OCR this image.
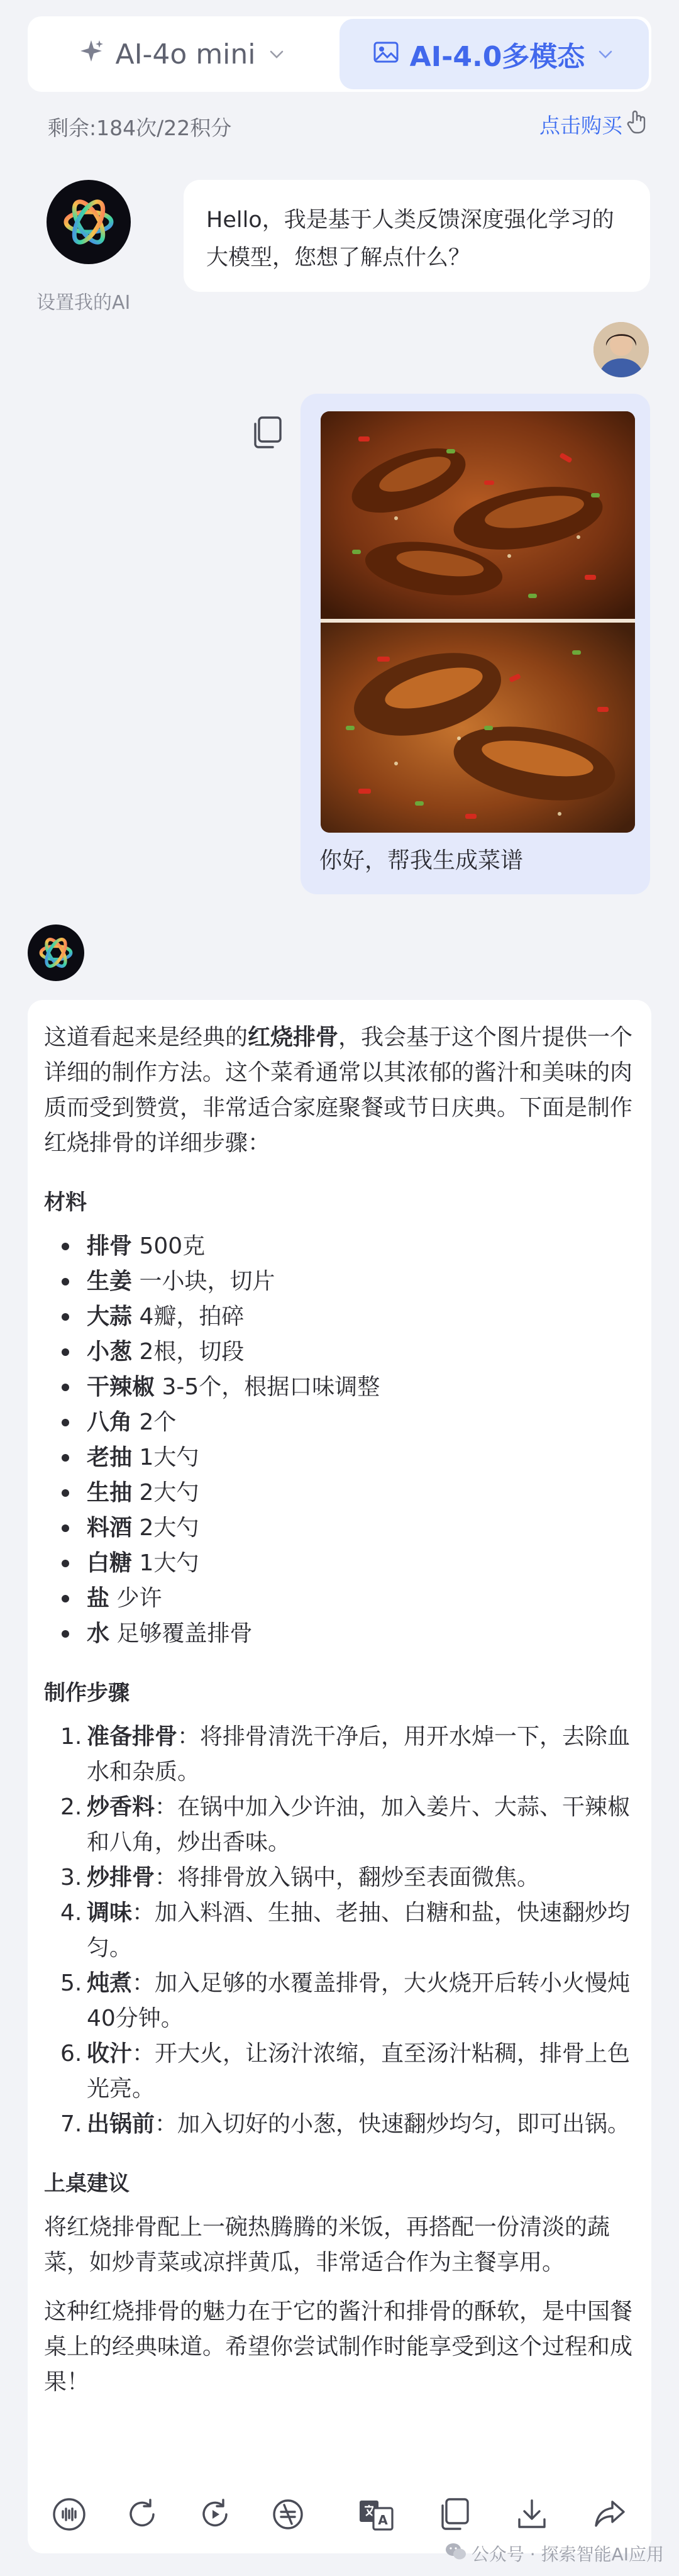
AI-4o mini	AI-4.0多模态
剩余:184次/22积分	点击购买
设置我的AI
Hello，我是基于人类反馈深度强化学习的大模型，您想了解点什么？
你好，帮我生成菜谱

这道看起来是经典的红烧排骨，我会基于这个图片提供一个详细的制作方法。这个菜肴通常以其浓郁的酱汁和美味的肉质而受到赞赏，非常适合家庭聚餐或节日庆典。下面是制作红烧排骨的详细步骤：

材料
排骨 500克
生姜 一小块，切片
大蒜 4瓣，拍碎
小葱 2根，切段
干辣椒 3-5个，根据口味调整
八角 2个
老抽 1大勺
生抽 2大勺
料酒 2大勺
白糖 1大勺
盐 少许
水 足够覆盖排骨
制作步骤
1. 准备排骨：将排骨清洗干净后，用开水焯一下，去除血水和杂质。
2. 炒香料：在锅中加入少许油，加入姜片、大蒜、干辣椒和八角，炒出香味。
3. 炒排骨：将排骨放入锅中，翻炒至表面微焦。
4. 调味：加入料酒、生抽、老抽、白糖和盐，快速翻炒均匀。
5. 炖煮：加入足够的水覆盖排骨，大火烧开后转小火慢炖40分钟。
6. 收汁：开大火，让汤汁浓缩，直至汤汁粘稠，排骨上色光亮。
7. 出锅前：加入切好的小葱，快速翻炒均匀，即可出锅。
上桌建议

将红烧排骨配上一碗热腾腾的米饭，再搭配一份清淡的蔬菜，如炒青菜或凉拌黄瓜，非常适合作为主餐享用。

这种红烧排骨的魅力在于它的酱汁和排骨的酥软，是中国餐桌上的经典味道。希望你尝试制作时能享受到这个过程和成果！

A
公众号 · 探索智能AI应用
